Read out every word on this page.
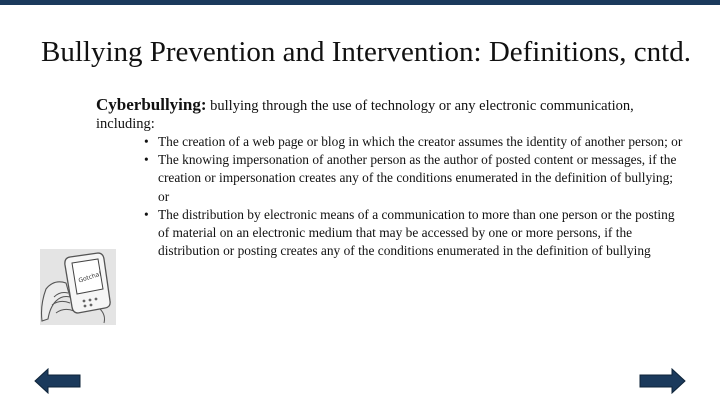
Bullying Prevention and Intervention: Definitions, cntd.

Cyberbullying: bullying through the use of technology or any electronic communication, including:

• The creation of a web page or blog in which the creator assumes the identity of another person; or
• The knowing impersonation of another person as the author of posted content or messages, if the creation or impersonation creates any of the conditions enumerated in the definition of bullying; or
• The distribution by electronic means of a communication to more than one person or the posting of material on an electronic medium that may be accessed by one or more persons, if the distribution or posting creates any of the conditions enumerated in the definition of bullying
Gotcha!
